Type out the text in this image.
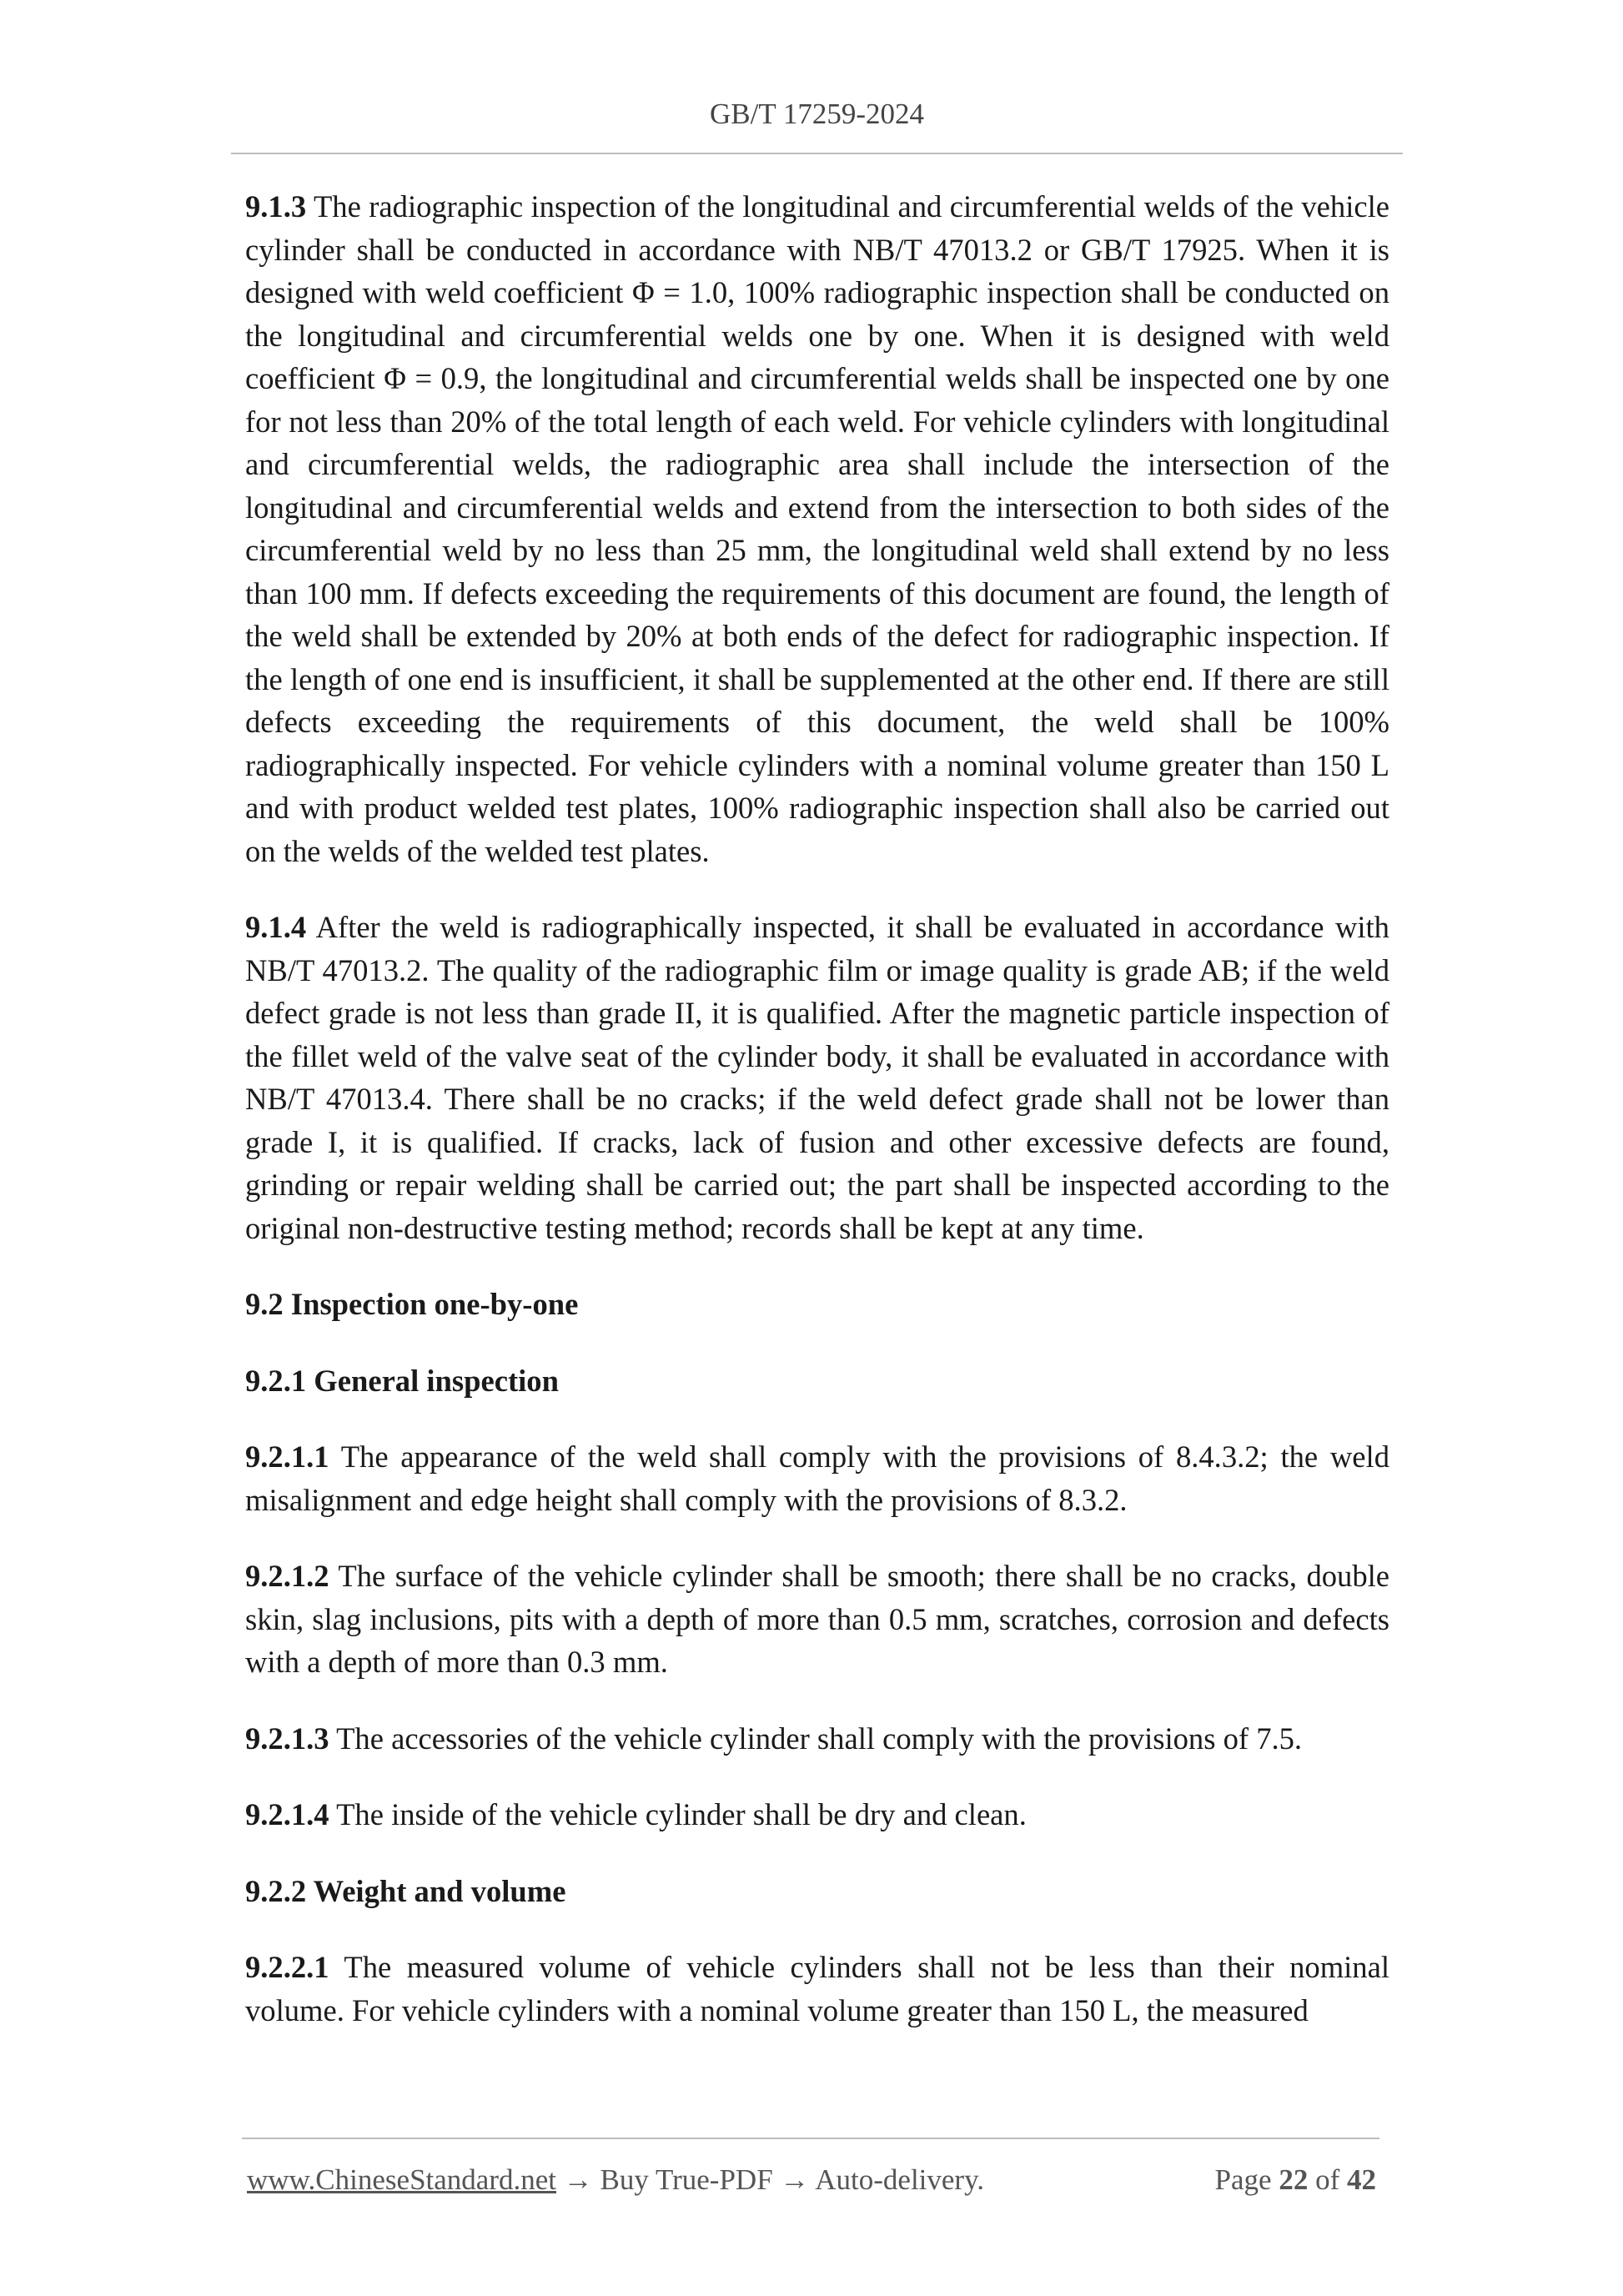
GB/T 17259-2024

9.1.3 The radiographic inspection of the longitudinal and circumferential welds of the vehicle cylinder shall be conducted in accordance with NB/T 47013.2 or GB/T 17925. When it is designed with weld coefficient Φ = 1.0, 100% radiographic inspection shall be conducted on the longitudinal and circumferential welds one by one. When it is designed with weld coefficient Φ = 0.9, the longitudinal and circumferential welds shall be inspected one by one for not less than 20% of the total length of each weld. For vehicle cylinders with longitudinal and circumferential welds, the radiographic area shall include the intersection of the longitudinal and circumferential welds and extend from the intersection to both sides of the circumferential weld by no less than 25 mm, the longitudinal weld shall extend by no less than 100 mm. If defects exceeding the requirements of this document are found, the length of the weld shall be extended by 20% at both ends of the defect for radiographic inspection. If the length of one end is insufficient, it shall be supplemented at the other end. If there are still defects exceeding the requirements of this document, the weld shall be 100% radiographically inspected. For vehicle cylinders with a nominal volume greater than 150 L and with product welded test plates, 100% radiographic inspection shall also be carried out on the welds of the welded test plates.

9.1.4 After the weld is radiographically inspected, it shall be evaluated in accordance with NB/T 47013.2. The quality of the radiographic film or image quality is grade AB; if the weld defect grade is not less than grade II, it is qualified. After the magnetic particle inspection of the fillet weld of the valve seat of the cylinder body, it shall be evaluated in accordance with NB/T 47013.4. There shall be no cracks; if the weld defect grade shall not be lower than grade I, it is qualified. If cracks, lack of fusion and other excessive defects are found, grinding or repair welding shall be carried out; the part shall be inspected according to the original non-destructive testing method; records shall be kept at any time.

9.2 Inspection one-by-one
9.2.1 General inspection

9.2.1.1 The appearance of the weld shall comply with the provisions of 8.4.3.2; the weld misalignment and edge height shall comply with the provisions of 8.3.2.

9.2.1.2 The surface of the vehicle cylinder shall be smooth; there shall be no cracks, double skin, slag inclusions, pits with a depth of more than 0.5 mm, scratches, corrosion and defects with a depth of more than 0.3 mm.

9.2.1.3 The accessories of the vehicle cylinder shall comply with the provisions of 7.5.

9.2.1.4 The inside of the vehicle cylinder shall be dry and clean.

9.2.2 Weight and volume

9.2.2.1 The measured volume of vehicle cylinders shall not be less than their nominal volume. For vehicle cylinders with a nominal volume greater than 150 L, the measured

www.ChineseStandard.net → Buy True-PDF → Auto-delivery.	Page 22 of 42
